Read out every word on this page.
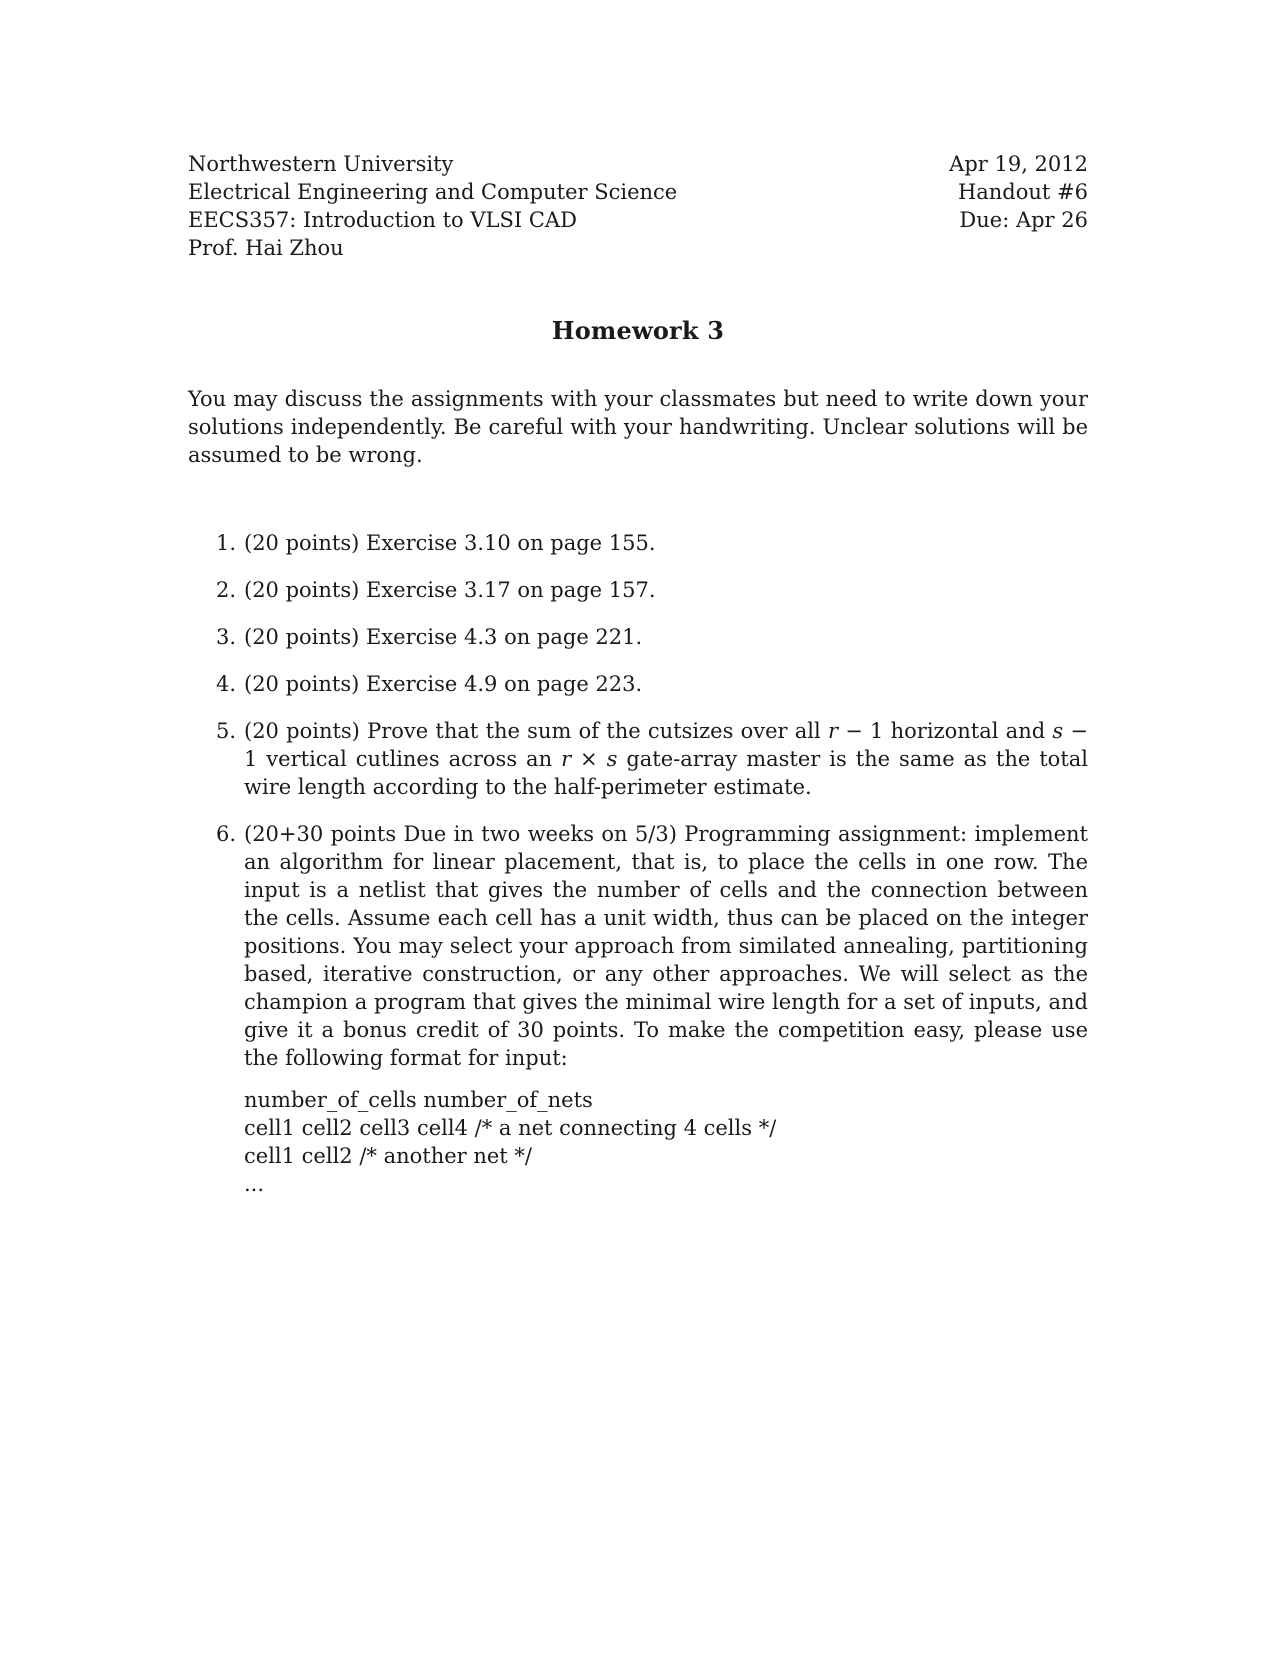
Northwestern University
Electrical Engineering and Computer Science
EECS357: Introduction to VLSI CAD
Prof. Hai Zhou
Apr 19, 2012
Handout #6
Due: Apr 26
Homework 3
You may discuss the assignments with your classmates but need to write down your solutions independently. Be careful with your handwriting. Unclear solutions will be assumed to be wrong.
1. (20 points) Exercise 3.10 on page 155.
2. (20 points) Exercise 3.17 on page 157.
3. (20 points) Exercise 4.3 on page 221.
4. (20 points) Exercise 4.9 on page 223.
5. (20 points) Prove that the sum of the cutsizes over all r − 1 horizontal and s − 1 vertical cutlines across an r × s gate-array master is the same as the total wire length according to the half-perimeter estimate.
6. (20+30 points Due in two weeks on 5/3) Programming assignment: implement an algorithm for linear placement, that is, to place the cells in one row. The input is a netlist that gives the number of cells and the connection between the cells. Assume each cell has a unit width, thus can be placed on the integer positions. You may select your approach from similated annealing, partitioning based, iterative construction, or any other approaches. We will select as the champion a program that gives the minimal wire length for a set of inputs, and give it a bonus credit of 30 points. To make the competition easy, please use the following format for input:
number_of_cells number_of_nets
cell1 cell2 cell3 cell4 /* a net connecting 4 cells */
cell1 cell2 /* another net */
...
